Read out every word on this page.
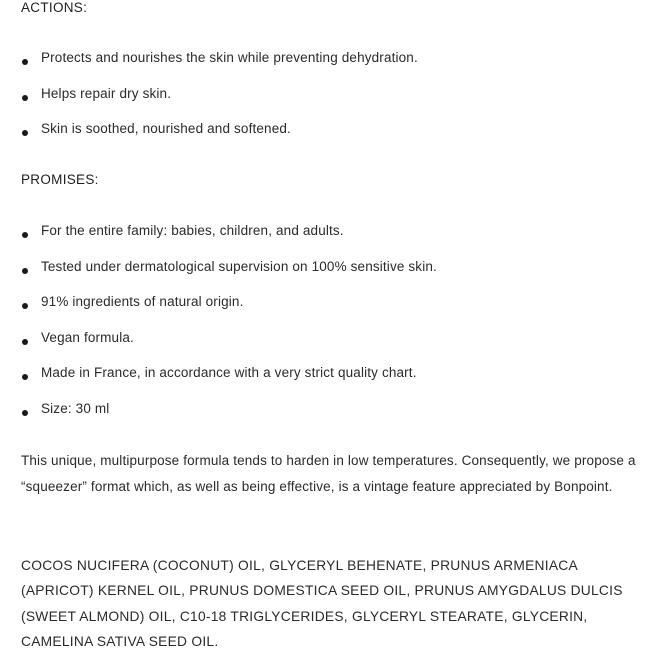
ACTIONS:
Protects and nourishes the skin while preventing dehydration.
Helps repair dry skin.
Skin is soothed, nourished and softened.
PROMISES:
For the entire family: babies, children, and adults.
Tested under dermatological supervision on 100% sensitive skin.
91% ingredients of natural origin.
Vegan formula.
Made in France, in accordance with a very strict quality chart.
Size: 30 ml

This unique, multipurpose formula tends to harden in low temperatures. Consequently, we propose a “squeezer” format which, as well as being effective, is a vintage feature appreciated by Bonpoint.

COCOS NUCIFERA (COCONUT) OIL, GLYCERYL BEHENATE, PRUNUS ARMENIACA (APRICOT) KERNEL OIL, PRUNUS DOMESTICA SEED OIL, PRUNUS AMYGDALUS DULCIS (SWEET ALMOND) OIL, C10-18 TRIGLYCERIDES, GLYCERYL STEARATE, GLYCERIN, CAMELINA SATIVA SEED OIL.
